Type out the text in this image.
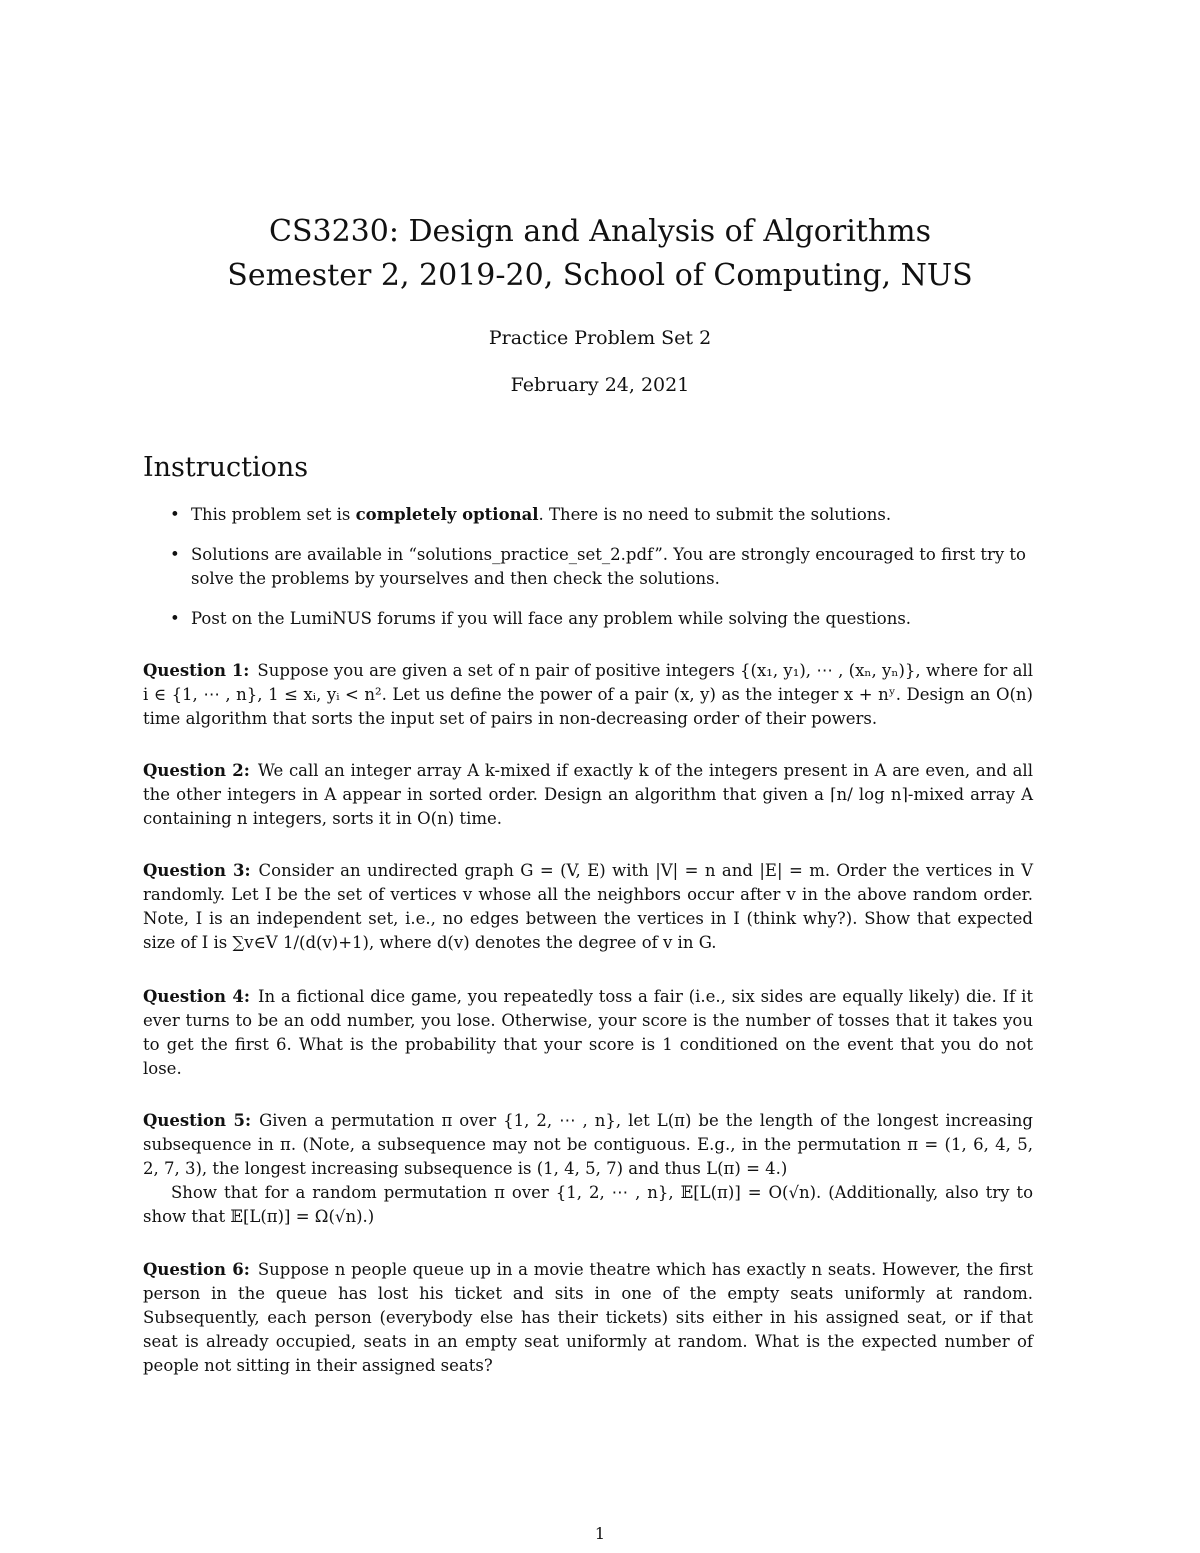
CS3230: Design and Analysis of Algorithms
Semester 2, 2019-20, School of Computing, NUS
Practice Problem Set 2
February 24, 2021
Instructions
• This problem set is completely optional. There is no need to submit the solutions.
• Solutions are available in “solutions_practice_set_2.pdf”. You are strongly encouraged to first try to solve the problems by yourselves and then check the solutions.
• Post on the LumiNUS forums if you will face any problem while solving the questions.

Question 1: Suppose you are given a set of n pair of positive integers {(x₁, y₁), ⋯ , (xₙ, yₙ)}, where for all i ∈ {1, ⋯ , n}, 1 ≤ xᵢ, yᵢ < n². Let us define the power of a pair (x, y) as the integer x + nʸ. Design an O(n) time algorithm that sorts the input set of pairs in non-decreasing order of their powers.

Question 2: We call an integer array A k-mixed if exactly k of the integers present in A are even, and all the other integers in A appear in sorted order. Design an algorithm that given a ⌈n/ log n⌉-mixed array A containing n integers, sorts it in O(n) time.

Question 3: Consider an undirected graph G = (V, E) with |V| = n and |E| = m. Order the vertices in V randomly. Let I be the set of vertices v whose all the neighbors occur after v in the above random order. Note, I is an independent set, i.e., no edges between the vertices in I (think why?). Show that expected size of I is ∑v∈V 1/(d(v)+1), where d(v) denotes the degree of v in G.

Question 4: In a fictional dice game, you repeatedly toss a fair (i.e., six sides are equally likely) die. If it ever turns to be an odd number, you lose. Otherwise, your score is the number of tosses that it takes you to get the first 6. What is the probability that your score is 1 conditioned on the event that you do not lose.

Question 5: Given a permutation π over {1, 2, ⋯ , n}, let L(π) be the length of the longest increasing subsequence in π. (Note, a subsequence may not be contiguous. E.g., in the permutation π = (1, 6, 4, 5, 2, 7, 3), the longest increasing subsequence is (1, 4, 5, 7) and thus L(π) = 4.)
Show that for a random permutation π over {1, 2, ⋯ , n}, 𝔼[L(π)] = O(√n). (Additionally, also try to show that 𝔼[L(π)] = Ω(√n).)

Question 6: Suppose n people queue up in a movie theatre which has exactly n seats. However, the first person in the queue has lost his ticket and sits in one of the empty seats uniformly at random. Subsequently, each person (everybody else has their tickets) sits either in his assigned seat, or if that seat is already occupied, seats in an empty seat uniformly at random. What is the expected number of people not sitting in their assigned seats?

1
